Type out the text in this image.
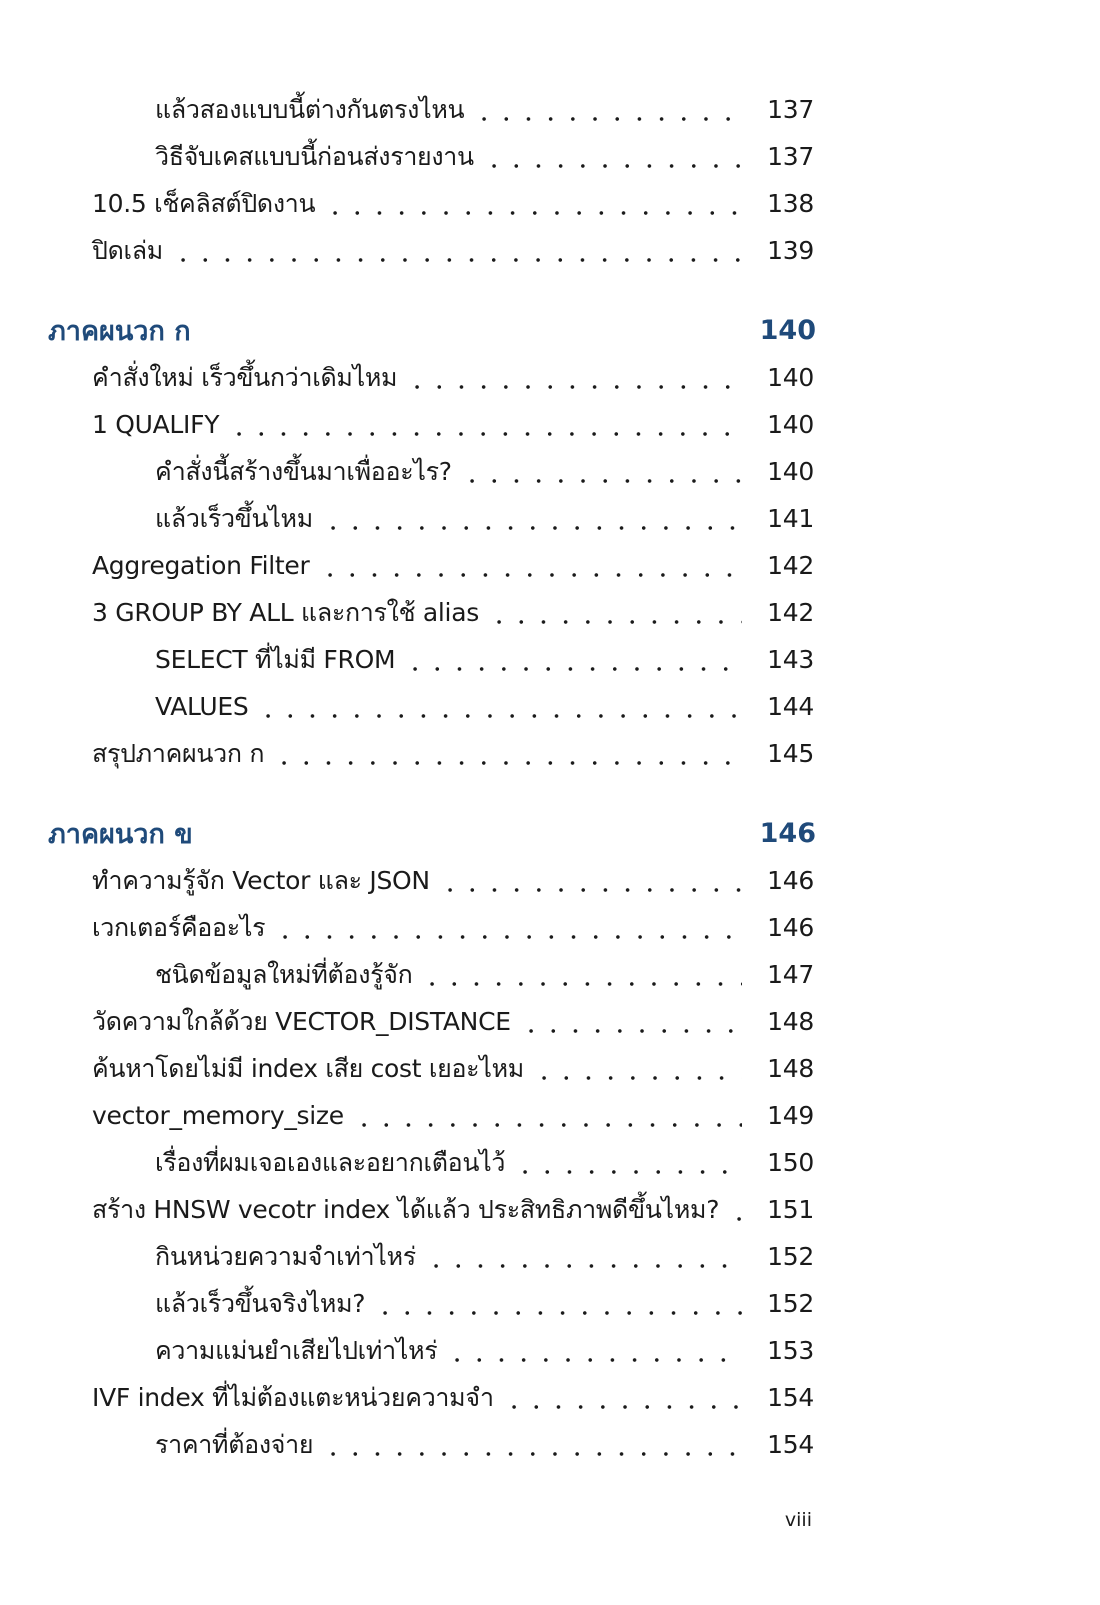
แล้วสองแบบนี้ต่างกันตรงไหน	137
วิธีจับเคสแบบนี้ก่อนส่งรายงาน	137
10.5 เช็คลิสต์ปิดงาน	138
ปิดเล่ม	139
ภาคผนวก ก	140
คำสั่งใหม่ เร็วขึ้นกว่าเดิมไหม	140
1 QUALIFY	140
คำสั่งนี้สร้างขึ้นมาเพื่ออะไร?	140
แล้วเร็วขึ้นไหม	141
Aggregation Filter	142
3 GROUP BY ALL และการใช้ alias	142
SELECT ที่ไม่มี FROM	143
VALUES	144
สรุปภาคผนวก ก	145
ภาคผนวก ข	146
ทำความรู้จัก Vector และ JSON	146
เวกเตอร์คืออะไร	146
ชนิดข้อมูลใหม่ที่ต้องรู้จัก	147
วัดความใกล้ด้วย VECTOR_DISTANCE	148
ค้นหาโดยไม่มี index เสีย cost เยอะไหม	148
vector_memory_size	149
เรื่องที่ผมเจอเองและอยากเตือนไว้	150
สร้าง HNSW vecotr index ได้แล้ว ประสิทธิภาพดีขึ้นไหม?	151
กินหน่วยความจำเท่าไหร่	152
แล้วเร็วขึ้นจริงไหม?	152
ความแม่นยำเสียไปเท่าไหร่	153
IVF index ที่ไม่ต้องแตะหน่วยความจำ	154
ราคาที่ต้องจ่าย	154
viii
